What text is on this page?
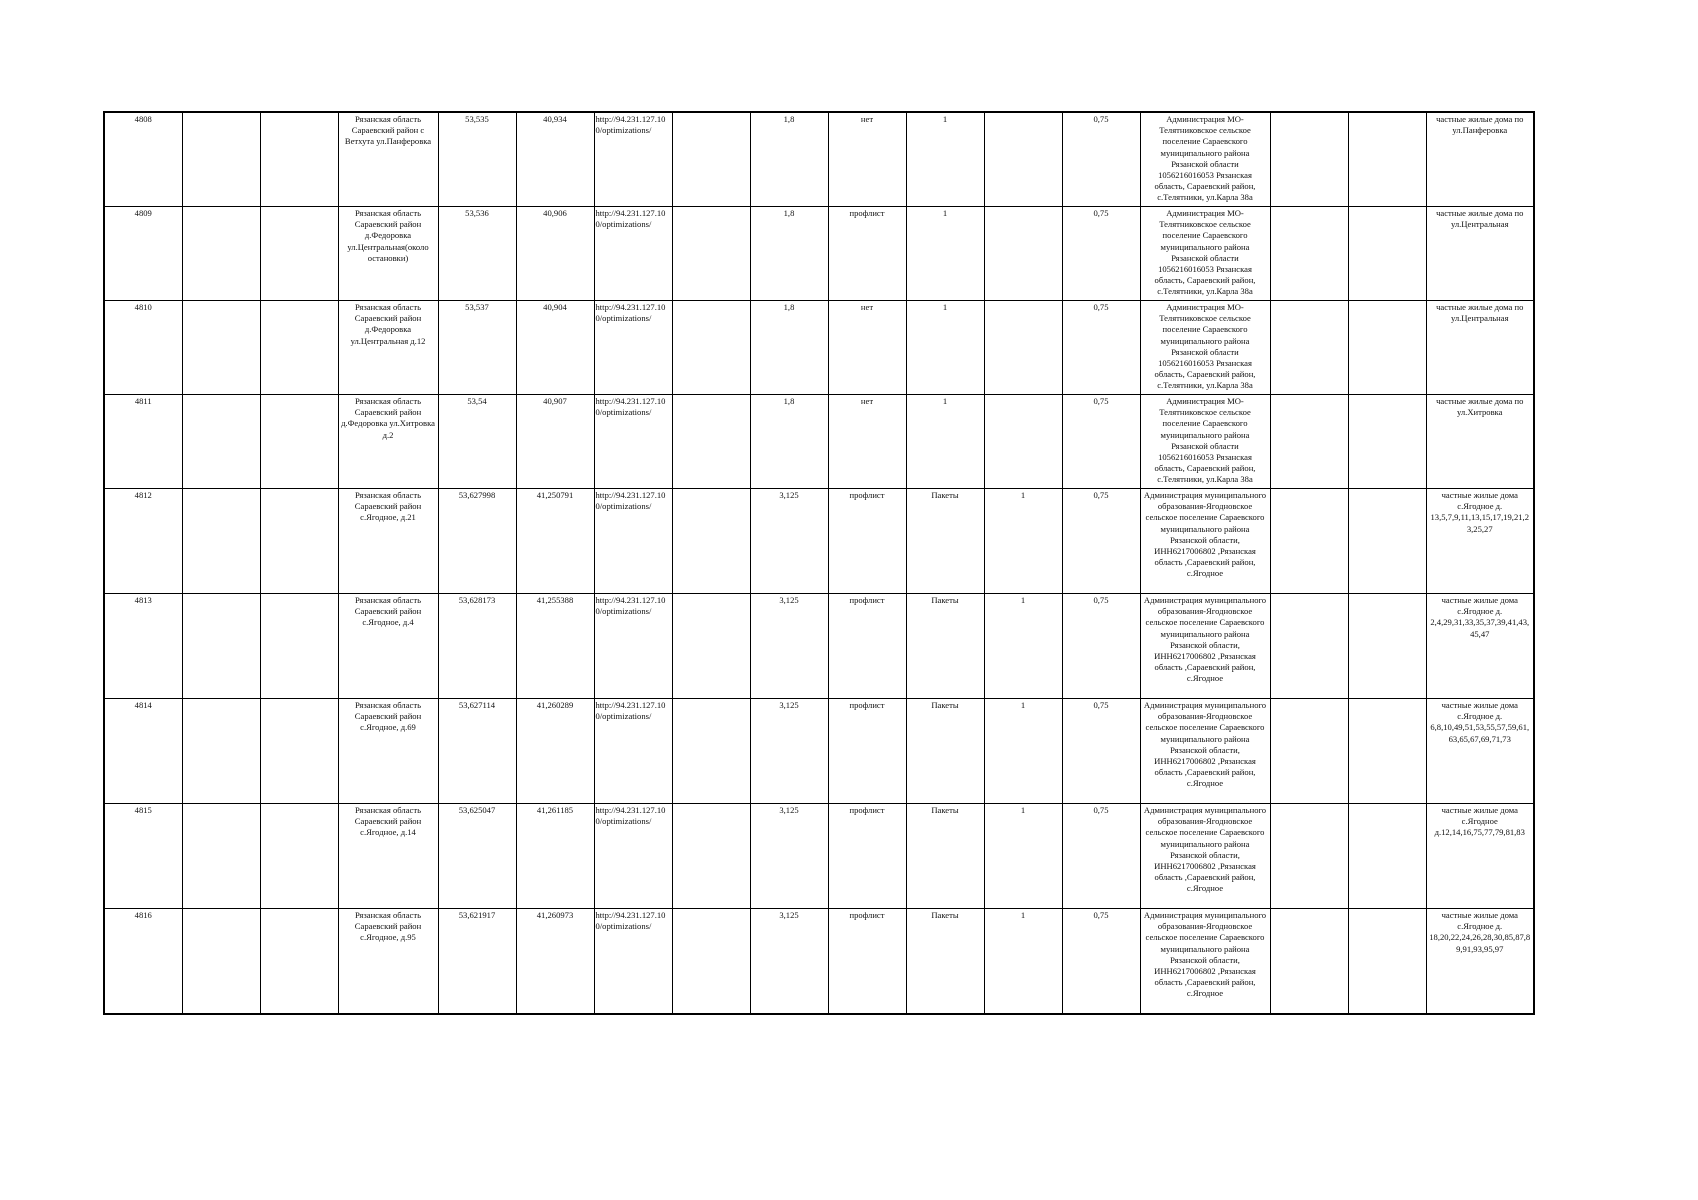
4808			Рязанская область Сараевский район с Ветхута ул.Панферовка	53,535	40,934	http://94.231.127.100/optimizations/		1,8	нет	1		0,75	Администрация МО-Телятниковское сельское поселение Сараевского муниципального района Рязанской области 1056216016053 Рязанская область, Сараевский район, с.Телятники, ул.Карла 38а			частные жилые дома по ул.Панферовка
4809			Рязанская область Сараевский район д.Федоровка ул.Центральная(около остановки)	53,536	40,906	http://94.231.127.100/optimizations/		1,8	профлист	1		0,75	Администрация МО-Телятниковское сельское поселение Сараевского муниципального района Рязанской области 1056216016053 Рязанская область, Сараевский район, с.Телятники, ул.Карла 38а			частные жилые дома по ул.Центральная
4810			Рязанская область Сараевский район д.Федоровка ул.Центральная д.12	53,537	40,904	http://94.231.127.100/optimizations/		1,8	нет	1		0,75	Администрация МО-Телятниковское сельское поселение Сараевского муниципального района Рязанской области 1056216016053 Рязанская область, Сараевский район, с.Телятники, ул.Карла 38а			частные жилые дома по ул.Центральная
4811			Рязанская область Сараевский район д.Федоровка ул.Хитровка д.2	53,54	40,907	http://94.231.127.100/optimizations/		1,8	нет	1		0,75	Администрация МО-Телятниковское сельское поселение Сараевского муниципального района Рязанской области 1056216016053 Рязанская область, Сараевский район, с.Телятники, ул.Карла 38а			частные жилые дома по ул.Хитровка
4812			Рязанская область Сараевский район с.Ягодное, д.21	53,627998	41,250791	http://94.231.127.100/optimizations/		3,125	профлист	Пакеты	1	0,75	Администрация муниципального образования-Ягодновское сельское поселение Сараевского муниципального района Рязанской области, ИНН6217006802 ,Рязанская область ,Сараевский район, с.Ягодное			частные жилые дома с.Ягодное д. 13,5,7,9,11,13,15,17,19,21,23,25,27
4813			Рязанская область Сараевский район с.Ягодное, д.4	53,628173	41,255388	http://94.231.127.100/optimizations/		3,125	профлист	Пакеты	1	0,75	Администрация муниципального образования-Ягодновское сельское поселение Сараевского муниципального района Рязанской области, ИНН6217006802 ,Рязанская область ,Сараевский район, с.Ягодное			частные жилые дома с.Ягодное д. 2,4,29,31,33,35,37,39,41,43,45,47
4814			Рязанская область Сараевский район с.Ягодное, д.69	53,627114	41,260289	http://94.231.127.100/optimizations/		3,125	профлист	Пакеты	1	0,75	Администрация муниципального образования-Ягодновское сельское поселение Сараевского муниципального района Рязанской области, ИНН6217006802 ,Рязанская область ,Сараевский район, с.Ягодное			частные жилые дома с.Ягодное д. 6,8,10,49,51,53,55,57,59,61,63,65,67,69,71,73
4815			Рязанская область Сараевский район с.Ягодное, д.14	53,625047	41,261185	http://94.231.127.100/optimizations/		3,125	профлист	Пакеты	1	0,75	Администрация муниципального образования-Ягодновское сельское поселение Сараевского муниципального района Рязанской области, ИНН6217006802 ,Рязанская область ,Сараевский район, с.Ягодное			частные жилые дома с.Ягодное д.12,14,16,75,77,79,81,83
4816			Рязанская область Сараевский район с.Ягодное, д.95	53,621917	41,260973	http://94.231.127.100/optimizations/		3,125	профлист	Пакеты	1	0,75	Администрация муниципального образования-Ягодновское сельское поселение Сараевского муниципального района Рязанской области, ИНН6217006802 ,Рязанская область ,Сараевский район, с.Ягодное			частные жилые дома с.Ягодное д. 18,20,22,24,26,28,30,85,87,89,91,93,95,97
